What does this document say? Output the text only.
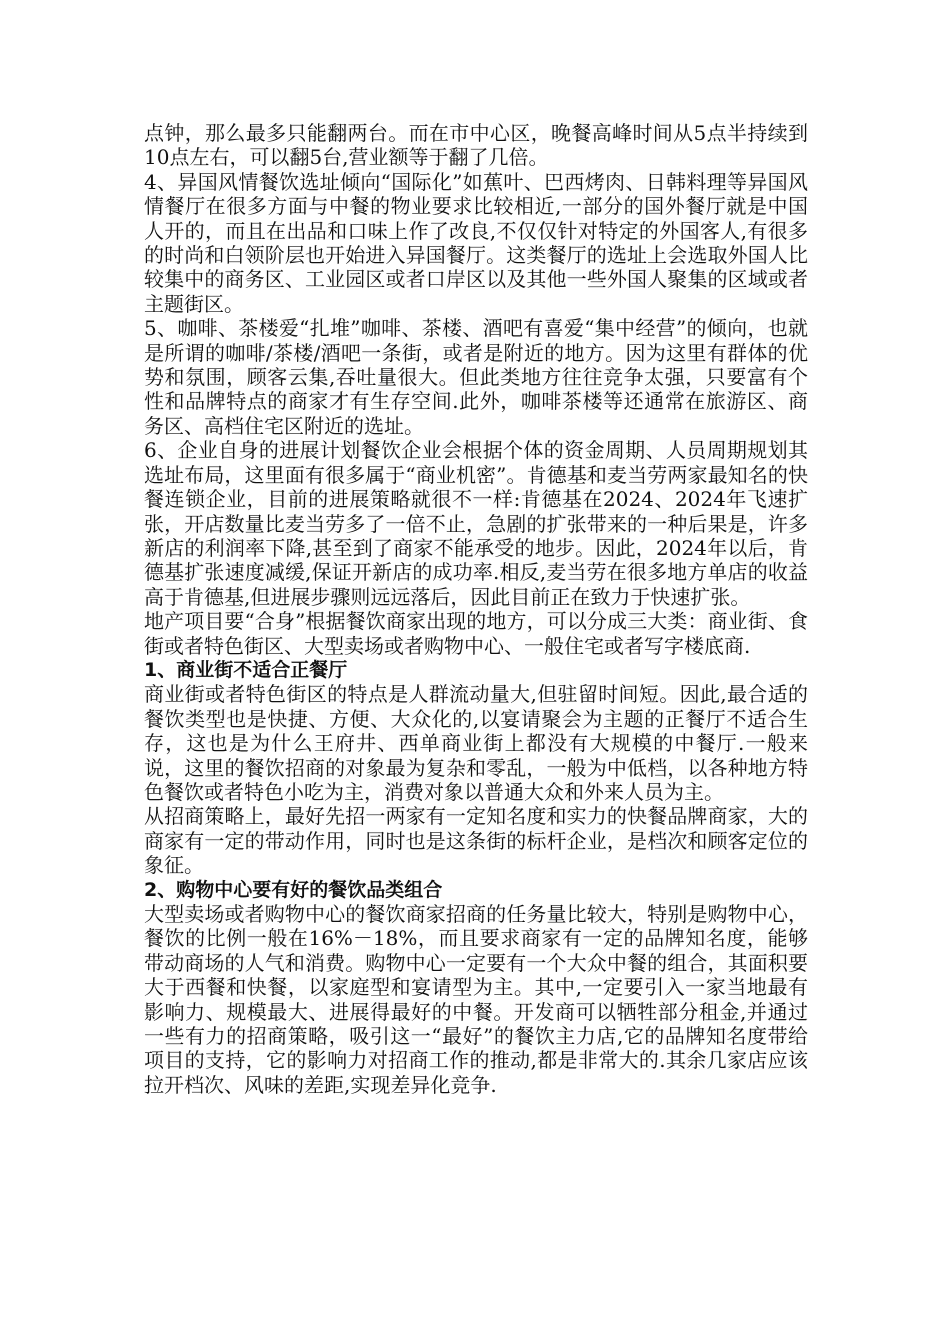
点钟，那么最多只能翻两台。而在市中心区，晚餐高峰时间从5点半持续到10点左右，可以翻5台,营业额等于翻了几倍。

4、异国风情餐饮选址倾向“国际化”如蕉叶、巴西烤肉、日韩料理等异国风情餐厅在很多方面与中餐的物业要求比较相近,一部分的国外餐厅就是中国人开的，而且在出品和口味上作了改良,不仅仅针对特定的外国客人,有很多的时尚和白领阶层也开始进入异国餐厅。这类餐厅的选址上会选取外国人比较集中的商务区、工业园区或者口岸区以及其他一些外国人聚集的区域或者主题街区。

5、咖啡、茶楼爱“扎堆”咖啡、茶楼、酒吧有喜爱“集中经营”的倾向，也就是所谓的咖啡/茶楼/酒吧一条街，或者是附近的地方。因为这里有群体的优势和氛围，顾客云集,吞吐量很大。但此类地方往往竞争太强，只要富有个性和品牌特点的商家才有生存空间.此外，咖啡茶楼等还通常在旅游区、商务区、高档住宅区附近的选址。

6、企业自身的进展计划餐饮企业会根据个体的资金周期、人员周期规划其选址布局，这里面有很多属于“商业机密”。肯德基和麦当劳两家最知名的快餐连锁企业，目前的进展策略就很不一样:肯德基在2024、2024年飞速扩张，开店数量比麦当劳多了一倍不止，急剧的扩张带来的一种后果是，许多新店的利润率下降,甚至到了商家不能承受的地步。因此，2024年以后，肯德基扩张速度减缓,保证开新店的成功率.相反,麦当劳在很多地方单店的收益高于肯德基,但进展步骤则远远落后，因此目前正在致力于快速扩张。

地产项目要“合身”根据餐饮商家出现的地方，可以分成三大类：商业街、食街或者特色街区、大型卖场或者购物中心、一般住宅或者写字楼底商.

1、商业街不适合正餐厅

商业街或者特色街区的特点是人群流动量大,但驻留时间短。因此,最合适的餐饮类型也是快捷、方便、大众化的,以宴请聚会为主题的正餐厅不适合生存，这也是为什么王府井、西单商业街上都没有大规模的中餐厅.一般来说，这里的餐饮招商的对象最为复杂和零乱，一般为中低档，以各种地方特色餐饮或者特色小吃为主，消费对象以普通大众和外来人员为主。

从招商策略上，最好先招一两家有一定知名度和实力的快餐品牌商家，大的商家有一定的带动作用，同时也是这条街的标杆企业，是档次和顾客定位的象征。

2、购物中心要有好的餐饮品类组合

大型卖场或者购物中心的餐饮商家招商的任务量比较大，特别是购物中心，餐饮的比例一般在16%－18%，而且要求商家有一定的品牌知名度，能够带动商场的人气和消费。购物中心一定要有一个大众中餐的组合，其面积要大于西餐和快餐，以家庭型和宴请型为主。其中,一定要引入一家当地最有影响力、规模最大、进展得最好的中餐。开发商可以牺牲部分租金,并通过一些有力的招商策略，吸引这一“最好”的餐饮主力店,它的品牌知名度带给项目的支持，它的影响力对招商工作的推动,都是非常大的.其余几家店应该拉开档次、风味的差距,实现差异化竞争.
